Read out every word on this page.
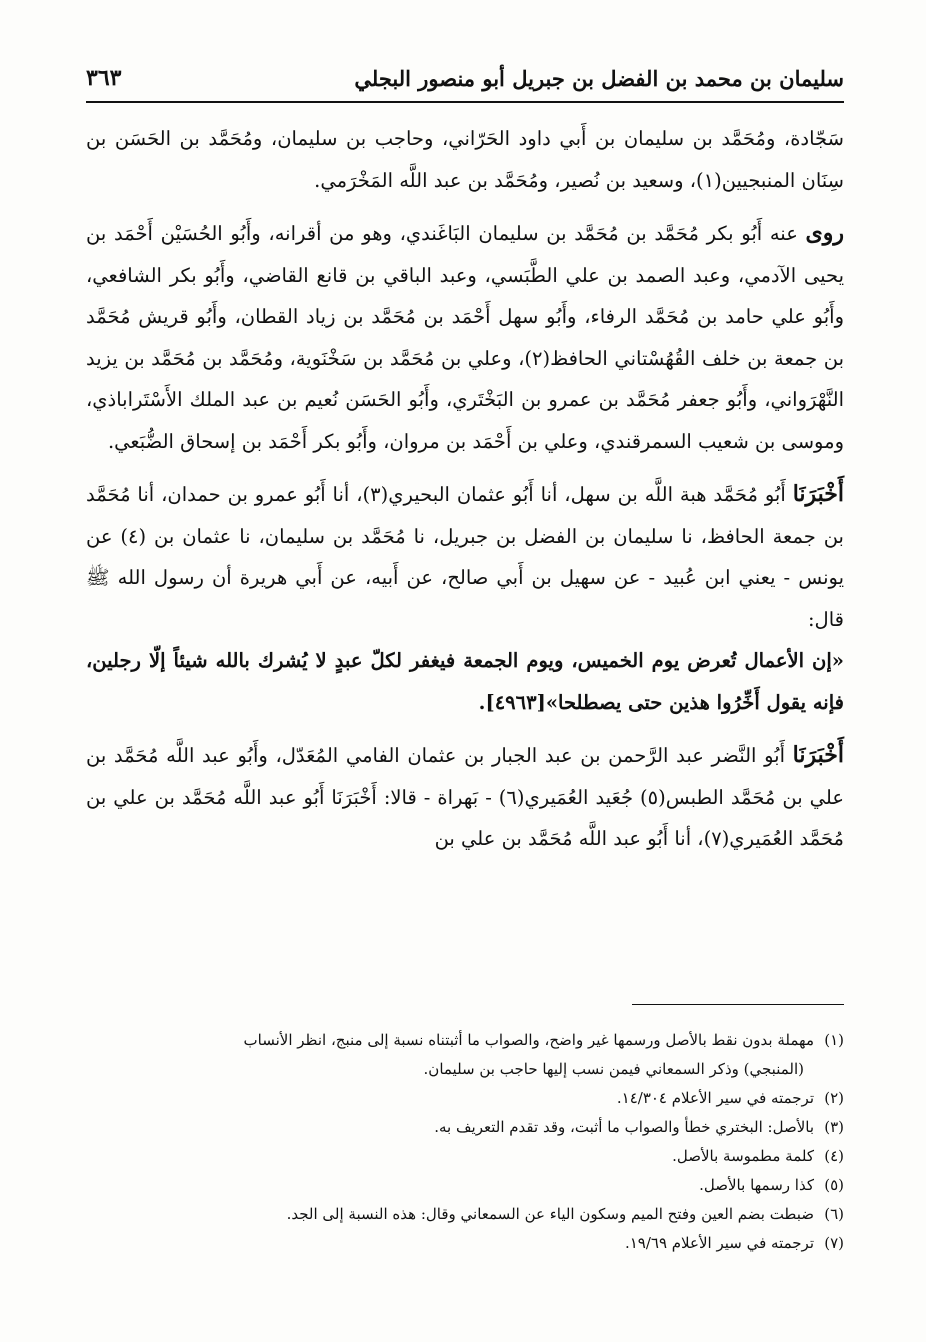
٣٦٣	سليمان بن محمد بن الفضل بن جبريل أبو منصور البجلي

سَجّادة، ومُحَمَّد بن سليمان بن أَبي داود الحَرّاني، وحاجب بن سليمان، ومُحَمَّد بن الحَسَن بن سِنَان المنبجيين(١)، وسعيد بن نُصير، ومُحَمَّد بن عبد اللَّه المَخْرَمي.

روى عنه أَبُو بكر مُحَمَّد بن مُحَمَّد بن سليمان البَاغَندي، وهو من أقرانه، وأَبُو الحُسَيْن أَحْمَد بن يحيى الآدمي، وعبد الصمد بن علي الطَّبَسي، وعبد الباقي بن قانع القاضي، وأَبُو بكر الشافعي، وأَبُو علي حامد بن مُحَمَّد الرفاء، وأَبُو سهل أَحْمَد بن مُحَمَّد بن زياد القطان، وأَبُو قريش مُحَمَّد بن جمعة بن خلف القُهُسْتاني الحافظ(٢)، وعلي بن مُحَمَّد بن سَخْنَوية، ومُحَمَّد بن مُحَمَّد بن يزيد النَّهْرَواني، وأَبُو جعفر مُحَمَّد بن عمرو بن البَخْتَري، وأَبُو الحَسَن نُعيم بن عبد الملك الأَسْتَراباذي، وموسى بن شعيب السمرقندي، وعلي بن أَحْمَد بن مروان، وأَبُو بكر أَحْمَد بن إسحاق الضُّبَعي.

أَخْبَرَنَا أَبُو مُحَمَّد هبة اللَّه بن سهل، أنا أَبُو عثمان البحيري(٣)، أنا أَبُو عمرو بن حمدان، أنا مُحَمَّد بن جمعة الحافظ، نا سليمان بن الفضل بن جبريل، نا مُحَمَّد بن سليمان، نا عثمان بن (٤) عن يونس - يعني ابن عُبيد - عن سهيل بن أَبي صالح، عن أَبيه، عن أَبي هريرة أن رسول الله ﷺ قال:

«إن الأعمال تُعرض يوم الخميس، ويوم الجمعة فيغفر لكلّ عبدٍ لا يُشرك بالله شيئاً إلّا رجلين، فإنه يقول أَخِّرُوا هذين حتى يصطلحا»[٤٩٦٣].

أَخْبَرَنَا أَبُو النَّضر عبد الرَّحمن بن عبد الجبار بن عثمان الفامي المُعَدّل، وأَبُو عبد اللَّه مُحَمَّد بن علي بن مُحَمَّد الطبس(٥) جُعَيد العُمَيري(٦) - بَهراة - قالا: أَخْبَرَنَا أَبُو عبد اللَّه مُحَمَّد بن علي بن مُحَمَّد العُمَيري(٧)، أنا أَبُو عبد اللَّه مُحَمَّد بن علي بن

(١)مهملة بدون نقط بالأصل ورسمها غير واضح، والصواب ما أثبتناه نسبة إلى منبج، انظر الأنساب
(المنبجي) وذكر السمعاني فيمن نسب إليها حاجب بن سليمان.
(٢)ترجمته في سير الأعلام ١٤/٣٠٤.
(٣)بالأصل: البختري خطأ والصواب ما أثبت، وقد تقدم التعريف به.
(٤)كلمة مطموسة بالأصل.
(٥)كذا رسمها بالأصل.
(٦)ضبطت بضم العين وفتح الميم وسكون الياء عن السمعاني وقال: هذه النسبة إلى الجد.
(٧)ترجمته في سير الأعلام ١٩/٦٩.
